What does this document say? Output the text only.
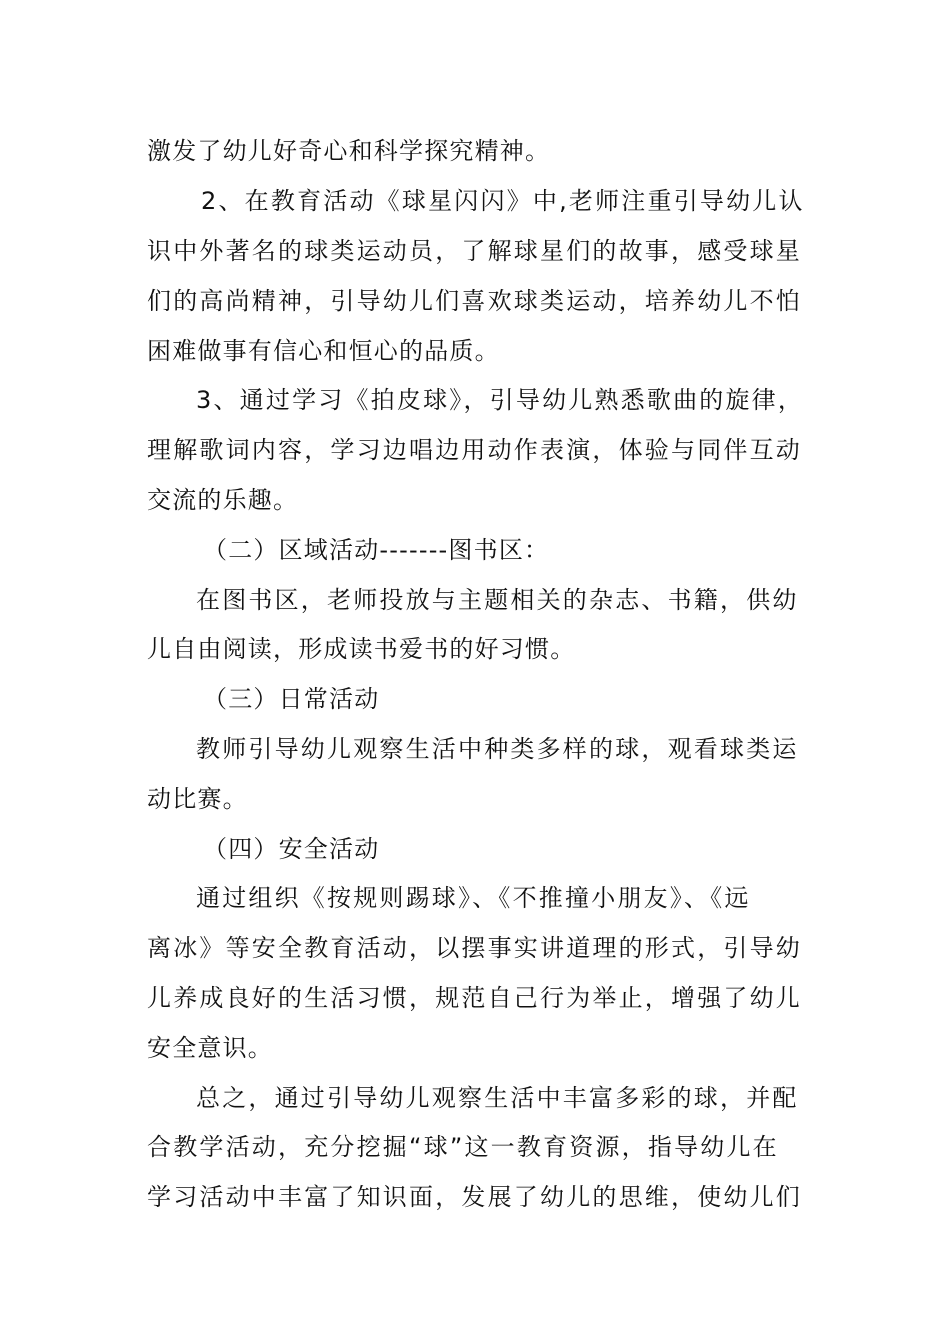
激发了幼儿好奇心和科学探究精神。
2、在教育活动《球星闪闪》中,老师注重引导幼儿认
识中外著名的球类运动员，了解球星们的故事，感受球星
们的高尚精神，引导幼儿们喜欢球类运动，培养幼儿不怕
困难做事有信心和恒心的品质。
3、通过学习《拍皮球》，引导幼儿熟悉歌曲的旋律，
理解歌词内容，学习边唱边用动作表演，体验与同伴互动
交流的乐趣。
（二）区域活动-------图书区：
在图书区，老师投放与主题相关的杂志、书籍，供幼
儿自由阅读，形成读书爱书的好习惯。
（三）日常活动
教师引导幼儿观察生活中种类多样的球，观看球类运
动比赛。
（四）安全活动
通过组织《按规则踢球》、《不推撞小朋友》、《远
离冰》等安全教育活动，以摆事实讲道理的形式，引导幼
儿养成良好的生活习惯，规范自己行为举止，增强了幼儿
安全意识。
总之，通过引导幼儿观察生活中丰富多彩的球，并配
合教学活动，充分挖掘“球”这一教育资源，指导幼儿在
学习活动中丰富了知识面，发展了幼儿的思维，使幼儿们
